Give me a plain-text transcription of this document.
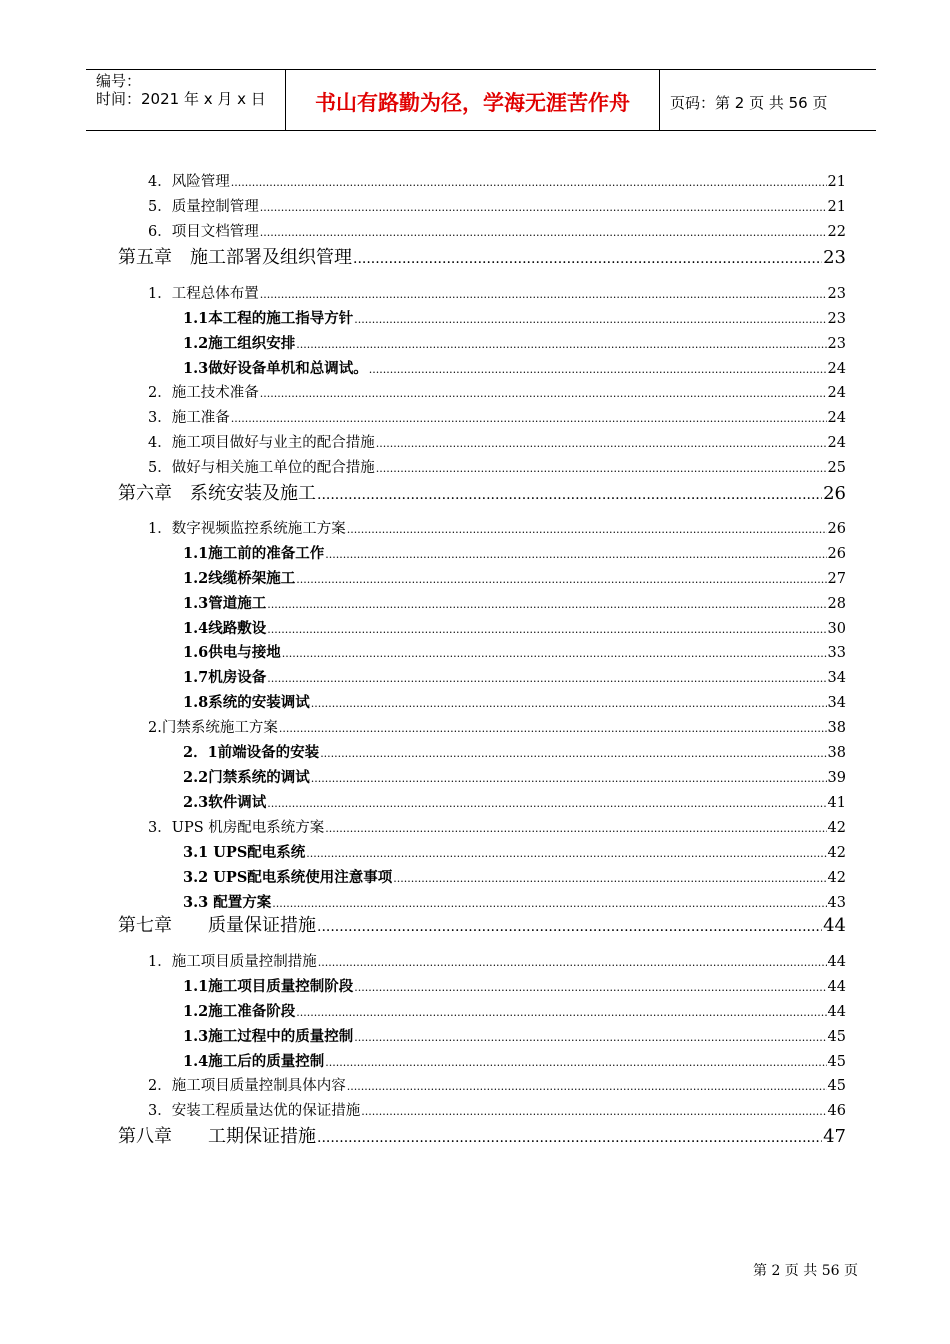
编号：
时间：2021 年 x 月 x 日	书山有路勤为径，学海无涯苦作舟	页码：第 2 页 共 56 页
4．风险管理 .....	21
5．质量控制管理 .....	21
6．项目文档管理 .....	22
第五章　施工部署及组织管理 .....	23
1．工程总体布置 .....	23
1.1本工程的施工指导方针 .....	23
1.2施工组织安排 .....	23
1.3做好设备单机和总调试。 .....	24
2．施工技术准备 .....	24
3．施工准备 .....	24
4．施工项目做好与业主的配合措施 .....	24
5．做好与相关施工单位的配合措施 .....	25
第六章　系统安装及施工 .....	26
1．数字视频监控系统施工方案 .....	26
1.1施工前的准备工作 .....	26
1.2线缆桥架施工 .....	27
1.3管道施工 .....	28
1.4线路敷设 .....	30
1.6供电与接地 .....	33
1.7机房设备 .....	34
1.8系统的安装调试 .....	34
2.门禁系统施工方案 .....	38
2．1前端设备的安装 .....	38
2.2门禁系统的调试 .....	39
2.3软件调试 .....	41
3．UPS 机房配电系统方案 .....	42
3.1 UPS配电系统 .....	42
3.2 UPS配电系统使用注意事项 .....	42
3.3 配置方案 .....	43
第七章　　质量保证措施 .....	44
1．施工项目质量控制措施 .....	44
1.1施工项目质量控制阶段 .....	44
1.2施工准备阶段 .....	44
1.3施工过程中的质量控制 .....	45
1.4施工后的质量控制 .....	45
2．施工项目质量控制具体内容 .....	45
3．安装工程质量达优的保证措施 .....	46
第八章　　工期保证措施 .....	47
第 2 页 共 56 页
